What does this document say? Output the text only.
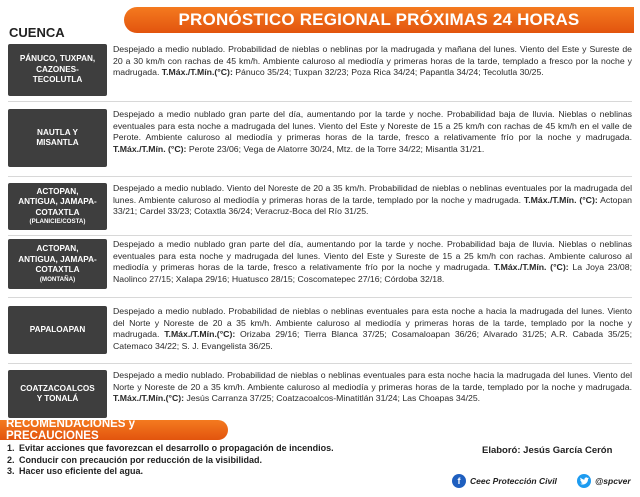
PRONÓSTICO REGIONAL PRÓXIMAS 24 HORAS
CUENCA
PÁNUCO, TUXPAN,
CAZONES-
TECOLUTLA
Despejado a medio nublado. Probabilidad de nieblas o neblinas por la madrugada y mañana del lunes. Viento del Este y Sureste de 20 a 30 km/h con rachas de 45 km/h. Ambiente caluroso al mediodía y primeras horas de la tarde, templado a fresco por la noche y madrugada. T.Máx./T.Mín.(°C): Pánuco 35/24; Tuxpan 32/23; Poza Rica 34/24; Papantla 34/24; Tecolutla 30/25.
NAUTLA Y
MISANTLA
Despejado a medio nublado gran parte del día, aumentando por la tarde y noche. Probabilidad baja de lluvia. Nieblas o neblinas eventuales para esta noche a madrugada del lunes. Viento del Este y Noreste de 15 a 25 km/h con rachas de 45 km/h en el valle de Perote. Ambiente caluroso al mediodía y primeras horas de la tarde, fresco a relativamente frío por la noche y madrugada. T.Máx./T.Mín. (°C): Perote 23/06; Vega de Alatorre 30/24, Mtz. de la Torre 34/22; Misantla 31/21.
ACTOPAN,
ANTIGUA, JAMAPA-
COTAXTLA
(PLANICIE/COSTA)
Despejado a medio nublado. Viento del Noreste de 20 a 35 km/h. Probabilidad de nieblas o neblinas eventuales por la madrugada del lunes. Ambiente caluroso al mediodía y primeras horas de la tarde, templado por la noche y madrugada. T.Máx./T.Mín. (°C): Actopan 33/21; Cardel 33/23; Cotaxtla 36/24; Veracruz-Boca del Río 31/25.
ACTOPAN,
ANTIGUA, JAMAPA-
COTAXTLA
(MONTAÑA)
Despejado a medio nublado gran parte del día, aumentando por la tarde y noche. Probabilidad baja de lluvia. Nieblas o neblinas eventuales para esta noche y madrugada del lunes. Viento del Este y Sureste de 15 a 25 km/h con rachas. Ambiente caluroso al mediodía y primeras horas de la tarde, fresco a relativamente frío por la noche y madrugada. T.Máx./T.Mín. (°C): La Joya 23/08; Naolinco 27/15; Xalapa 29/16; Huatusco 28/15; Coscomatepec 27/16; Córdoba 32/18.
PAPALOAPAN
Despejado a medio nublado. Probabilidad de nieblas o neblinas eventuales para esta noche a hacia la madrugada del lunes. Viento del Norte y Noreste de 20 a 35 km/h. Ambiente caluroso al mediodía y primeras horas de la tarde, templado por la noche y madrugada. T.Máx./T.Mín.(°C): Orizaba 29/16; Tierra Blanca 37/25; Cosamaloapan 36/26; Alvarado 31/25; A.R. Cabada 35/25; Catemaco 34/22; S. J. Evangelista 36/25.
COATZACOALCOS
Y TONALÁ
Despejado a medio nublado. Probabilidad de nieblas o neblinas eventuales para esta noche hacia la madrugada del lunes. Viento del Norte y Noreste de 20 a 35 km/h. Ambiente caluroso al mediodía y primeras horas de la tarde, templado por la noche y madrugada. T.Máx./T.Mín.(°C): Jesús Carranza 37/25; Coatzacoalcos-Minatitlán 31/24; Las Choapas 34/25.
RECOMENDACIONES y PRECAUCIONES
1. Evitar acciones que favorezcan el desarrollo o propagación de incendios.
2. Conducir con precaución por reducción de la visibilidad.
3. Hacer uso eficiente del agua.
Elaboró: Jesús García Cerón
f	Ceec Protección Civil	@spcver
